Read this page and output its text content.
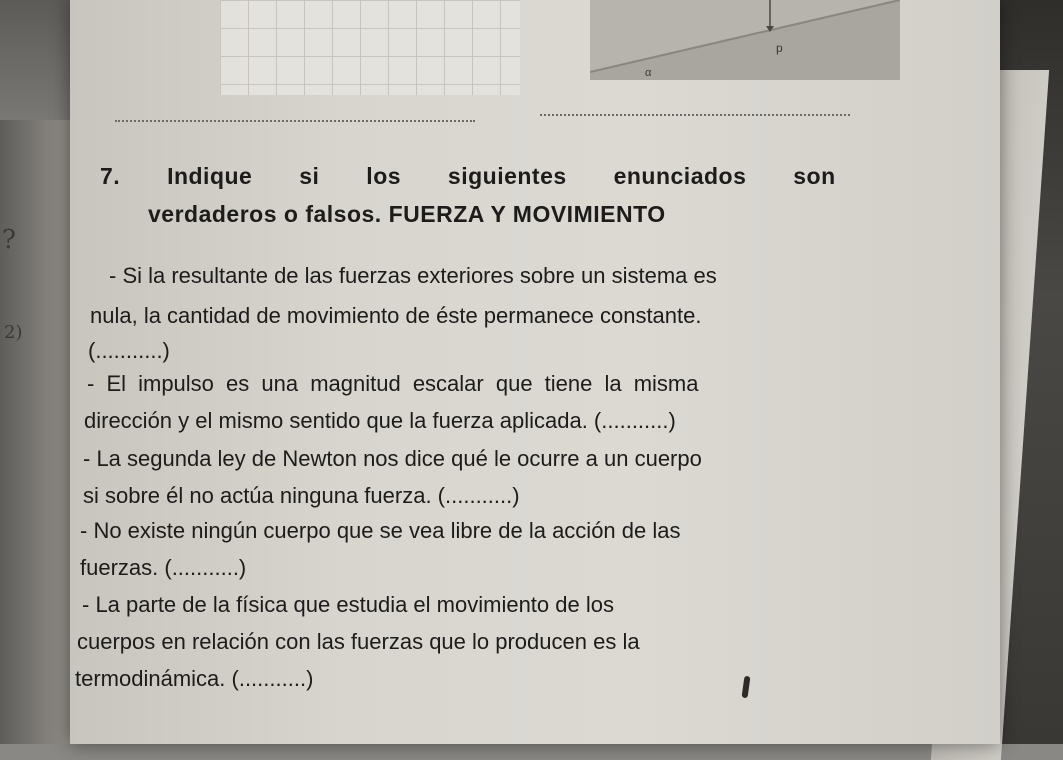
p
α
7. Indique si los siguientes enunciados son
verdaderos o falsos. FUERZA Y MOVIMIENTO
- Si la resultante de las fuerzas exteriores sobre un sistema es
nula, la cantidad de movimiento de éste permanece constante.
(...........)
- El impulso es una magnitud escalar que tiene la misma
dirección y el mismo sentido que la fuerza aplicada. (...........)
- La segunda ley de Newton nos dice qué le ocurre a un cuerpo
si sobre él no actúa ninguna fuerza. (...........)
- No existe ningún cuerpo que se vea libre de la acción de las
fuerzas. (...........)
- La parte de la física que estudia el movimiento de los
cuerpos en relación con las fuerzas que lo producen es la
termodinámica. (...........)
?
2)
